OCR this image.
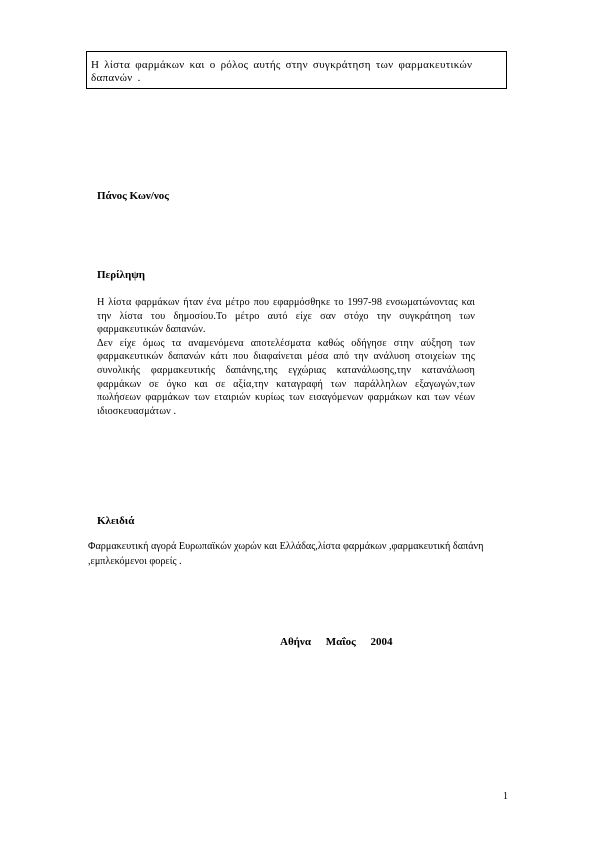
Η λίστα φαρμάκων και ο ρόλος αυτής στην συγκράτηση των φαρμακευτικών δαπανών .
Πάνος Κων/νος
Περίληψη

Η λίστα φαρμάκων ήταν ένα μέτρο που εφαρμόσθηκε το 1997-98 ενσωματώνοντας και την λίστα του δημοσίου.Το μέτρο αυτό είχε σαν στόχο την συγκράτηση των φαρμακευτικών δαπανών.

Δεν είχε όμως τα αναμενόμενα αποτελέσματα καθώς οδήγησε στην αύξηση των φαρμακευτικών δαπανών κάτι που διαφαίνεται μέσα από την ανάλυση στοιχείων της συνολικής φαρμακευτικής δαπάνης,της εγχώριας κατανάλωσης,την κατανάλωση φαρμάκων σε όγκο και σε αξία,την καταγραφή των παράλληλων εξαγωγών,των πωλήσεων φαρμάκων των εταιριών κυρίως των εισαγόμενων φαρμάκων και των νέων ιδιοσκευασμάτων .

Κλειδιά
Φαρμακευτική αγορά Ευρωπαϊκών χωρών και Ελλάδας,λίστα φαρμάκων ,φαρμακευτική δαπάνη ,εμπλεκόμενοι φορείς .
Αθήνα Μαΐος 2004
1
